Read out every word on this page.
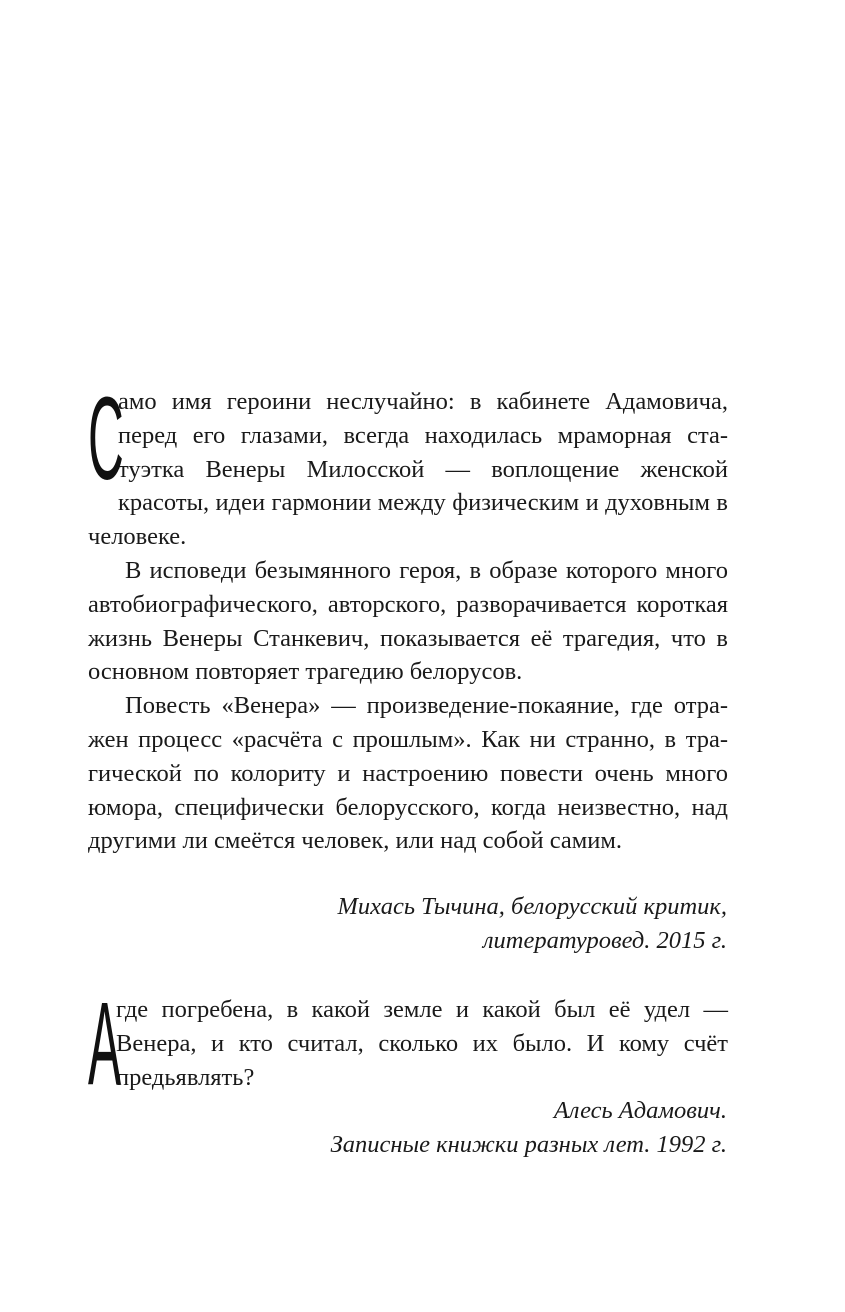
С
амо имя героини неслучайно: в кабинете Адамовича, перед его глазами, всегда находилась мраморная статуэтка Венеры Милосской — воплощение женской красоты, идеи гармонии между физическим и духовным в человеке.

В исповеди безымянного героя, в образе которого много автобиографического, авторского, разворачивается короткая жизнь Венеры Станкевич, показывается её трагедия, что в основном повторяет трагедию белорусов.

Повесть «Венера» — произведение-покаяние, где отражен процесс «расчёта с прошлым». Как ни странно, в трагической по колориту и настроению повести очень много юмора, специфически белорусского, когда неизвестно, над другими ли смеётся человек, или над собой самим.

Михась Тычина, белорусский критик,
литературовед. 2015 г.

А
где погребена, в какой земле и какой был её удел — Венера, и кто считал, сколько их было. И кому счёт предьявлять?

Алесь Адамович.
Записные книжки разных лет. 1992 г.
